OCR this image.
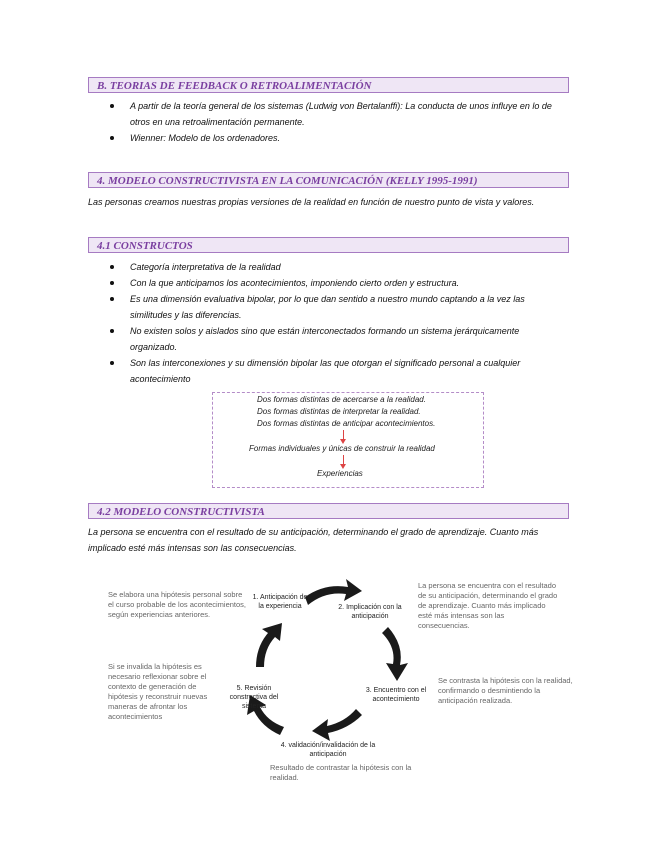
B. TEORIAS DE FEEDBACK O RETROALIMENTACIÓN
A partir de la teoría general de los sistemas (Ludwig von Bertalanffi): La conducta de unos influye en lo de otros en una retroalimentación permanente.
Wienner: Modelo de los ordenadores.
4. MODELO CONSTRUCTIVISTA EN LA COMUNICACIÓN (KELLY 1995-1991)
Las personas creamos nuestras propias versiones de la realidad en función de nuestro punto de vista y valores.
4.1 CONSTRUCTOS
Categoría interpretativa de la realidad
Con la que anticipamos los acontecimientos, imponiendo cierto orden y estructura.
Es una dimensión evaluativa bipolar, por lo que dan sentido a nuestro mundo captando a la vez las similitudes y las diferencias.
No existen solos y aislados sino que están interconectados formando un sistema jerárquicamente organizado.
Son las interconexiones y su dimensión bipolar las que otorgan el significado personal a cualquier acontecimiento
Dos formas distintas de acercarse a la realidad.
Dos formas distintas de interpretar la realidad.
Dos formas distintas de anticipar acontecimientos.
Formas individuales y únicas de construir la realidad
Experiencias
4.2 MODELO CONSTRUCTIVISTA
La persona se encuentra con el resultado de su anticipación, determinando el grado de aprendizaje. Cuanto más implicado esté más intensas son las consecuencias.
1. Anticipación de la experiencia	2. Implicación con la anticipación
3. Encuentro con el acontecimiento
4. validación/invalidación de la anticipación
5. Revisión constructiva del sistema
Se elabora una hipótesis personal sobre el curso probable de los acontecimientos, según experiencias anteriores.
La persona se encuentra con el resultado de su anticipación, determinando el grado de aprendizaje. Cuanto más implicado esté más intensas son las consecuencias.
Se contrasta la hipótesis con la realidad, confirmando o desmintiendo la anticipación realizada.
Resultado de contrastar la hipótesis con la realidad.
Si se invalida la hipótesis es necesario reflexionar sobre el contexto de generación de hipótesis y reconstruir nuevas maneras de afrontar los acontecimientos
